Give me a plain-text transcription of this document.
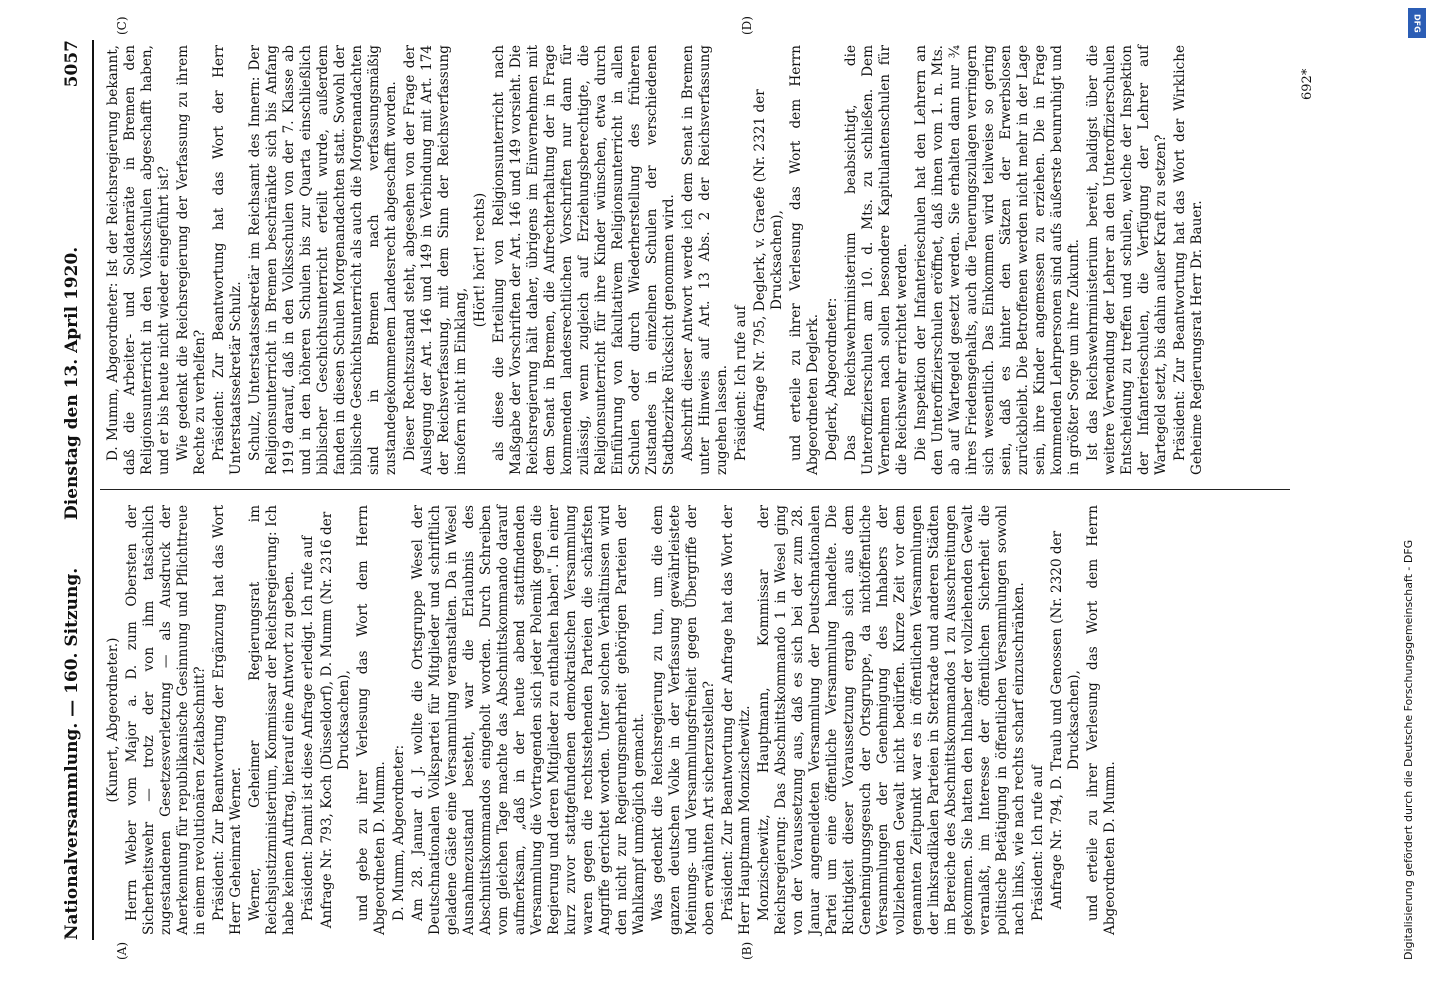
Nationalversammlung. — 160. Sitzung.
Dienstag den 13. April 1920.
5057
(A)	(B)
(C)	(D)

(Kunert, Abgeordneter.) Herrn Weber vom Major a. D. zum Obersten der Sicherheitswehr — trotz der von ihm tatsächlich zugestandenen Gesetzesverletzung — als Ausdruck der Anerkennung für republikanische Gesinnung und Pflichttreue in einem revolutionären Zeitabschnitt? Präsident: Zur Beantwortung der Ergänzung hat das Wort Herr Geheimrat Werner. Werner, Geheimer Regierungsrat im Reichsjustizministerium, Kommissar der Reichsregierung: Ich habe keinen Auftrag, hierauf eine Antwort zu geben. Präsident: Damit ist diese Anfrage erledigt. Ich rufe auf Anfrage Nr. 793, Koch (Düsseldorf), D. Mumm (Nr. 2316 der Drucksachen), und gebe zu ihrer Verlesung das Wort dem Herrn Abgeordneten D. Mumm. D. Mumm, Abgeordneter: Am 28. Januar d. J. wollte die Ortsgruppe Wesel der Deutschnationalen Volkspartei für Mitglieder und schriftlich geladene Gäste eine Versammlung veranstalten. Da in Wesel Ausnahmezustand besteht, war die Erlaubnis des Abschnittskommandos eingeholt worden. Durch Schreiben vom gleichen Tage machte das Abschnittskommando darauf aufmerksam, „daß in der heute abend stattfindenden Versammlung die Vortragenden sich jeder Polemik gegen die Regierung und deren Mitglieder zu enthalten haben". In einer kurz zuvor stattgefundenen demokratischen Versammlung waren gegen die rechtsstehenden Parteien die schärfsten Angriffe gerichtet worden. Unter solchen Verhältnissen wird den nicht zur Regierungsmehrheit gehörigen Parteien der Wahlkampf unmöglich gemacht. Was gedenkt die Reichsregierung zu tun, um die dem ganzen deutschen Volke in der Verfassung gewährleistete Meinungs- und Versammlungsfreiheit gegen Übergriffe der oben erwähnten Art sicherzustellen? Präsident: Zur Beantwortung der Anfrage hat das Wort der Herr Hauptmann Monzischewitz. Monzischewitz, Hauptmann, Kommissar der Reichsregierung: Das Abschnittskommando 1 in Wesel ging von der Voraussetzung aus, daß es sich bei der zum 28. Januar angemeldeten Versammlung der Deutschnationalen Partei um eine öffentliche Versammlung handelte. Die Richtigkeit dieser Voraussetzung ergab sich aus dem Genehmigungsgesuch der Ortsgruppe, da nichtöffentliche Versammlungen der Genehmigung des Inhabers der vollziehenden Gewalt nicht bedürfen. Kurze Zeit vor dem genannten Zeitpunkt war es in öffentlichen Versammlungen der linksradikalen Parteien in Sterkrade und anderen Städten im Bereiche des Abschnittskommandos 1 zu Ausschreitungen gekommen. Sie hatten den Inhaber der vollziehenden Gewalt veranlaßt, im Interesse der öffentlichen Sicherheit die politische Betätigung in öffentlichen Versammlungen sowohl nach links, wie nach rechts scharf einzuschränken. Präsident: Ich rufe auf Anfrage Nr. 794, D. Traub und Genossen (Nr. 2320 der Drucksachen), und erteile zu ihrer Verlesung das Wort dem Herrn Abgeordneten D. Mumm.

D. Mumm, Abgeordneter: Ist der Reichsregierung bekannt, daß die Arbeiter- und Soldatenräte in Bremen den Religionsunterricht in den Volksschulen abgeschafft haben, und er bis heute nicht wieder eingeführt ist? Wie gedenkt die Reichsregierung der Verfassung zu ihrem Rechte zu verhelfen? Präsident: Zur Beantwortung hat das Wort der Herr Unterstaatssekretär Schulz. Schulz, Unterstaatssekretär im Reichsamt des Innern: Der Religionsunterricht in Bremen beschränkte sich bis Anfang 1919 darauf, daß in den Volksschulen von der 7. Klasse ab und in den höheren Schulen bis zur Quarta einschließlich biblischer Geschichtsunterricht erteilt wurde, außerdem fanden in diesen Schulen Morgenandachten statt. Sowohl der biblische Geschichtsunterricht als auch die Morgenandachten sind in Bremen nach verfassungsmäßig zustandegekommenem Landesrecht abgeschafft worden. Dieser Rechtszustand steht, abgesehen von der Frage der Auslegung der Art. 146 und 149 in Verbindung mit Art. 174 der Reichsverfassung, mit dem Sinn der Reichsverfassung insofern nicht im Einklang,

(Hört! hört! rechts) als diese die Erteilung von Religionsunterricht nach Maßgabe der Vorschriften der Art. 146 und 149 vorsieht. Die Reichsregierung hält daher, übrigens im Einvernehmen mit dem Senat in Bremen, die Aufrechterhaltung der in Frage kommenden landesrechtlichen Vorschriften nur dann für zulässig, wenn zugleich auf Erziehungsberechtigte, die Religionsunterricht für ihre Kinder wünschen, etwa durch Einführung von fakultativem Religionsunterricht in allen Schulen oder durch Wiederherstellung des früheren Zustandes in einzelnen Schulen der verschiedenen Stadtbezirke Rücksicht genommen wird. Abschrift dieser Antwort werde ich dem Senat in Bremen unter Hinweis auf Art. 13 Abs. 2 der Reichsverfassung zugehen lassen. Präsident: Ich rufe auf Anfrage Nr. 795, Deglerk, v. Graefe (Nr. 2321 der Drucksachen), und erteile zu ihrer Verlesung das Wort dem Herrn Abgeordneten Deglerk. Deglerk, Abgeordneter: Das Reichswehrministerium beabsichtigt, die Unteroffizierschulen am 10. d. Mts. zu schließen. Dem Vernehmen nach sollen besondere Kapitulantenschulen für die Reichswehr errichtet werden. Die Inspektion der Infanterieschulen hat den Lehrern an den Unteroffizierschulen eröffnet, daß ihnen vom 1. n. Mts. ab auf Wartegeld gesetzt werden. Sie erhalten dann nur ¾ ihres Friedensgehalts, auch die Teuerungszulagen verringern sich wesentlich. Das Einkommen wird teilweise so gering sein, daß es hinter den Sätzen der Erwerbslosen zurückbleibt. Die Betroffenen werden nicht mehr in der Lage sein, ihre Kinder angemessen zu erziehen. Die in Frage kommenden Lehrpersonen sind aufs äußerste beunruhigt und in größter Sorge um ihre Zukunft. Ist das Reichswehrministerium bereit, baldigst über die weitere Verwendung der Lehrer an den Unteroffizierschulen Entscheidung zu treffen und schulen, welche der Inspektion der Infanterieschulen, die Verfügung der Lehrer auf Wartegeld setzt, bis dahin außer Kraft zu setzen? Präsident: Zur Beantwortung hat das Wort der Wirkliche Geheime Regierungsrat Herr Dr. Bauer.

692*
DFG
Digitalisierung gefördert durch die Deutsche Forschungsgemeinschaft - DFG
